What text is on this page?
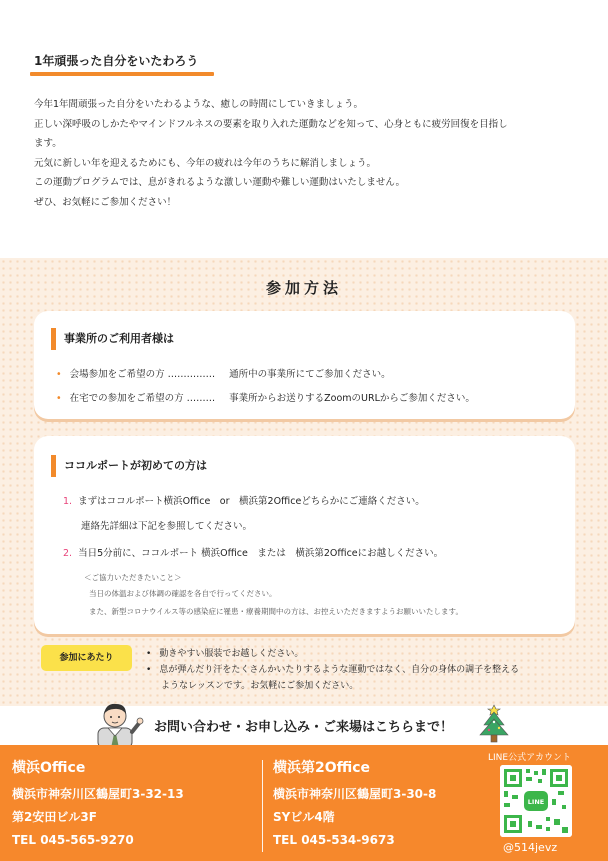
1年頑張った自分をいたわろう

今年1年間頑張った自分をいたわるような、癒しの時間にしていきましょう。

正しい深呼吸のしかたやマインドフルネスの要素を取り入れた運動などを知って、心身ともに疲労回復を目指し

ます。

元気に新しい年を迎えるためにも、今年の疲れは今年のうちに解消しましょう。

この運動プログラムでは、息がきれるような激しい運動や難しい運動はいたしません。

ぜひ、お気軽にご参加ください！

参加方法
事業所のご利用者様は
• 会場参加をご希望の方 …………… 通所中の事業所にてご参加ください。
• 在宅での参加をご希望の方 ……… 事業所からお送りするZoomのURLからご参加ください。
ココルポートが初めての方は
1. まずはココルポート横浜Office　or　横浜第2Officeどちらかにご連絡ください。
連絡先詳細は下記を参照してください。
2. 当日5分前に、ココルポート 横浜Office　または　横浜第2Officeにお越しください。
＜ご協力いただきたいこと＞
当日の体温および体調の確認を各自で行ってください。
また、新型コロナウイルス等の感染症に罹患・療養期間中の方は、お控えいただきますようお願いいたします。
参加にあたり	• 動きやすい服装でお越しください。
• 息が弾んだり汗をたくさんかいたりするような運動ではなく、自分の身体の調子を整える
ようなレッスンです。お気軽にご参加ください。
お問い合わせ・お申し込み・ご来場はこちらまで！
横浜Office
横浜市神奈川区鶴屋町3-32-13
第2安田ビル3F
TEL 045-565-9270
横浜第2Office
横浜市神奈川区鶴屋町3-30-8
SYビル4階
TEL 045-534-9673
LINE公式アカウント
LINE
@514jevz
